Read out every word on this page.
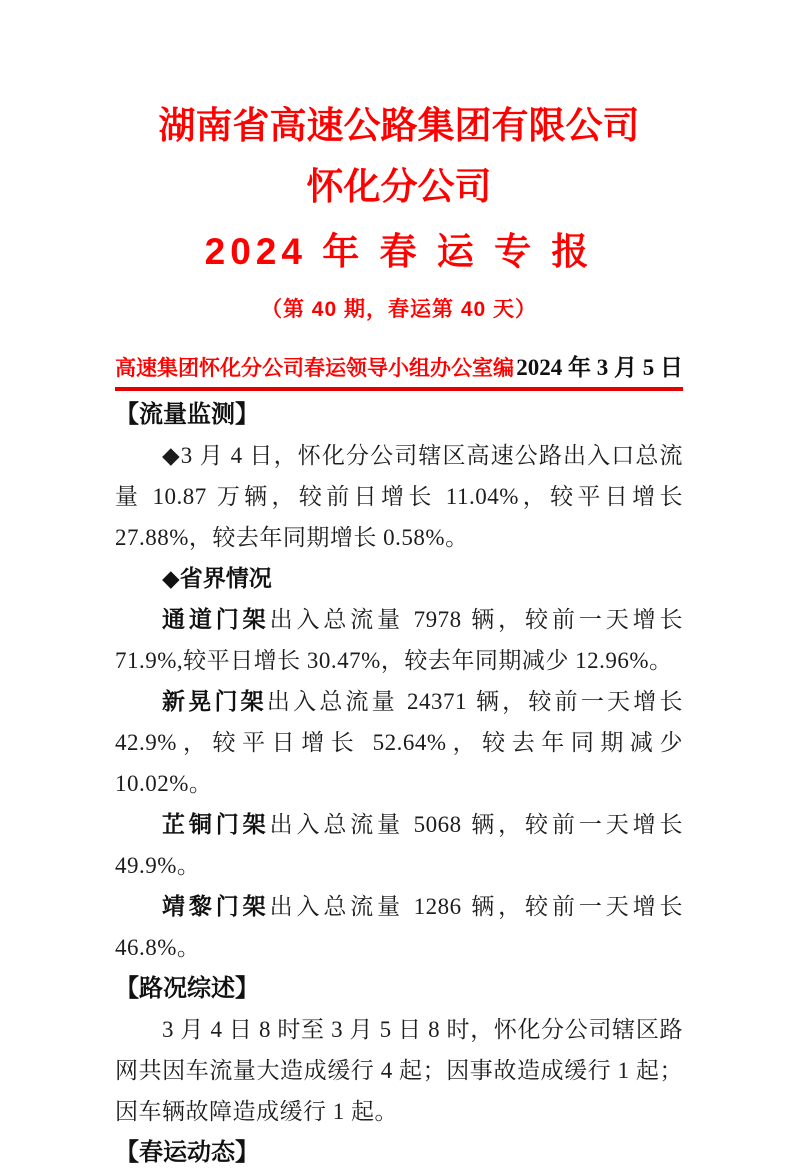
湖南省高速公路集团有限公司
怀化分公司
2024 年 春 运 专 报
（第 40 期，春运第 40 天）
高速集团怀化分公司春运领导小组办公室编 2024 年 3 月 5 日
【流量监测】

◆3 月 4 日，怀化分公司辖区高速公路出入口总流量 10.87 万辆，较前日增长 11.04%，较平日增长 27.88%，较去年同期增长 0.58%。

◆省界情况

通道门架出入总流量 7978 辆，较前一天增长 71.9%,较平日增长 30.47%，较去年同期减少 12.96%。

新晃门架出入总流量 24371 辆，较前一天增长 42.9%，较平日增长 52.64%，较去年同期减少 10.02%。

芷铜门架出入总流量 5068 辆，较前一天增长 49.9%。

靖黎门架出入总流量 1286 辆，较前一天增长 46.8%。

【路况综述】

3 月 4 日 8 时至 3 月 5 日 8 时，怀化分公司辖区路网共因车流量大造成缓行 4 起；因事故造成缓行 1 起；因车辆故障造成缓行 1 起。

【春运动态】
